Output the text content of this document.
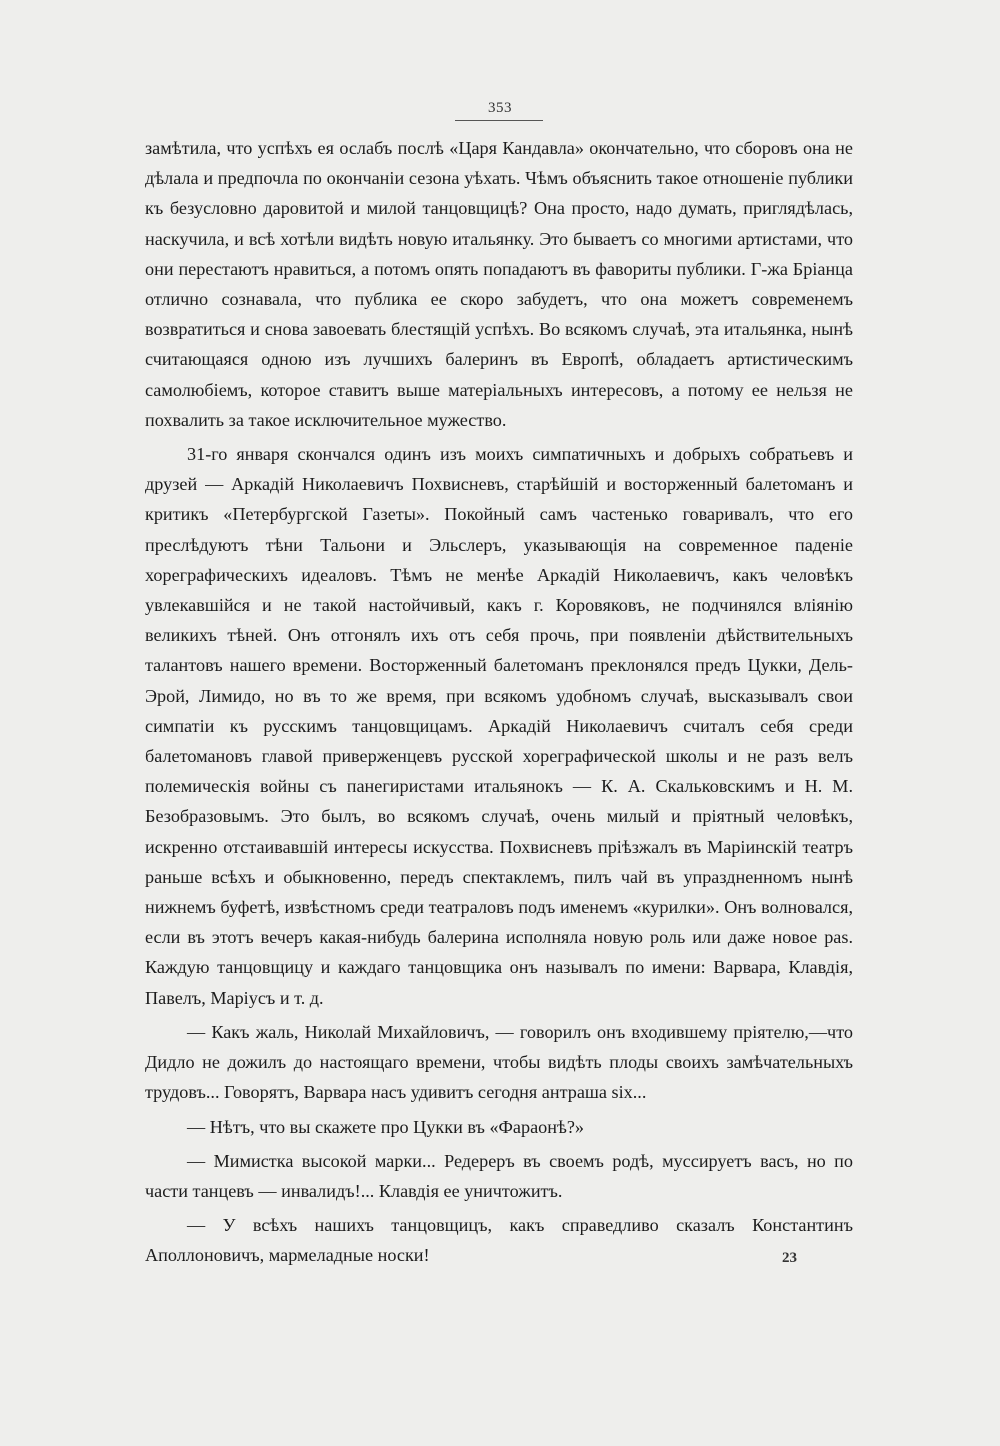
353

замѣтила, что успѣхъ ея ослабъ послѣ «Царя Кандавла» окончательно, что сборовъ она не дѣлала и предпочла по окончаніи сезона уѣхать. Чѣмъ объяснить такое отношеніе публики къ безусловно даровитой и милой танцовщицѣ? Она просто, надо думать, приглядѣлась, наскучила, и всѣ хотѣли видѣть новую итальянку. Это бываетъ со многими артистами, что они перестаютъ нравиться, а потомъ опять попадаютъ въ фавориты публики. Г-жа Бріанца отлично сознавала, что публика ее скоро забудетъ, что она можетъ современемъ возвратиться и снова завоевать блестящій успѣхъ. Во всякомъ случаѣ, эта итальянка, нынѣ считающаяся одною изъ лучшихъ балеринъ въ Европѣ, обладаетъ артистическимъ самолюбіемъ, которое ставитъ выше матеріальныхъ интересовъ, а потому ее нельзя не похвалить за такое исключительное мужество.

31-го января скончался одинъ изъ моихъ симпатичныхъ и добрыхъ собратьевъ и друзей — Аркадій Николаевичъ Похвисневъ, старѣйшій и восторженный балетоманъ и критикъ «Петербургской Газеты». Покойный самъ частенько говаривалъ, что его преслѣдуютъ тѣни Тальони и Эльслеръ, указывающія на современное паденіе хореграфическихъ идеаловъ. Тѣмъ не менѣе Аркадій Николаевичъ, какъ человѣкъ увлекавшійся и не такой настойчивый, какъ г. Коровяковъ, не подчинялся вліянію великихъ тѣней. Онъ отгонялъ ихъ отъ себя прочь, при появленіи дѣйствительныхъ талантовъ нашего времени. Восторженный балетоманъ преклонялся предъ Цукки, Дель-Эрой, Лимидо, но въ то же время, при всякомъ удобномъ случаѣ, высказывалъ свои симпатіи къ русскимъ танцовщицамъ. Аркадій Николаевичъ считалъ себя среди балетомановъ главой приверженцевъ русской хореграфической школы и не разъ велъ полемическія войны съ панегиристами итальянокъ — К. А. Скальковскимъ и Н. М. Безобразовымъ. Это былъ, во всякомъ случаѣ, очень милый и пріятный человѣкъ, искренно отстаивавшій интересы искусства. Похвисневъ пріѣзжалъ въ Маріинскій театръ раньше всѣхъ и обыкновенно, передъ спектаклемъ, пилъ чай въ упраздненномъ нынѣ нижнемъ буфетѣ, извѣстномъ среди театраловъ подъ именемъ «курилки». Онъ волновался, если въ этотъ вечеръ какая-нибудь балерина исполняла новую роль или даже новое pas. Каждую танцовщицу и каждаго танцовщика онъ называлъ по имени: Варвара, Клавдія, Павелъ, Маріусъ и т. д.

— Какъ жаль, Николай Михайловичъ, — говорилъ онъ входившему пріятелю,—что Дидло не дожилъ до настоящаго времени, чтобы видѣть плоды своихъ замѣчательныхъ трудовъ... Говорятъ, Варвара насъ удивитъ сегодня антраша six...

— Нѣтъ, что вы скажете про Цукки въ «Фараонѣ?»

— Мимистка высокой марки... Редереръ въ своемъ родѣ, муссируетъ васъ, но по части танцевъ — инвалидъ!... Клавдія ее уничтожитъ.

— У всѣхъ нашихъ танцовщицъ, какъ справедливо сказалъ Константинъ Аполлоновичъ, мармеладные носки!	23
